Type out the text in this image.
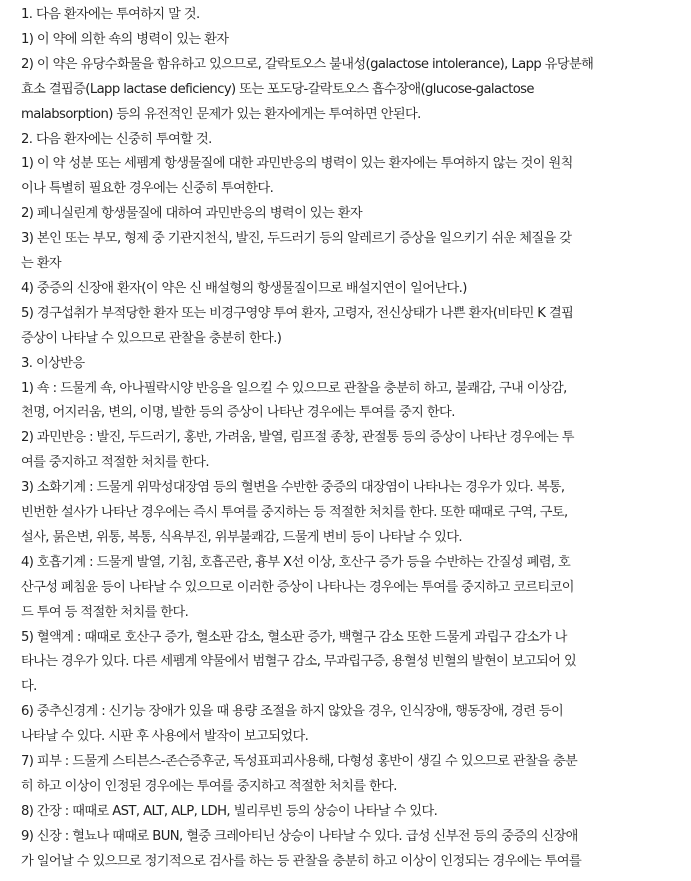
1. 다음 환자에는 투여하지 말 것.
1) 이 약에 의한 쇽의 병력이 있는 환자
2) 이 약은 유당수화물을 함유하고 있으므로, 갈락토오스 불내성(galactose intolerance), Lapp 유당분해
효소 결핍증(Lapp lactase deficiency) 또는 포도당-갈락토오스 흡수장애(glucose-galactose
malabsorption) 등의 유전적인 문제가 있는 환자에게는 투여하면 안된다.
2. 다음 환자에는 신중히 투여할 것.
1) 이 약 성분 또는 세펨계 항생물질에 대한 과민반응의 병력이 있는 환자에는 투여하지 않는 것이 원칙
이나 특별히 필요한 경우에는 신중히 투여한다.
2) 페니실린계 항생물질에 대하여 과민반응의 병력이 있는 환자
3) 본인 또는 부모, 형제 중 기관지천식, 발진, 두드러기 등의 알레르기 증상을 일으키기 쉬운 체질을 갖
는 환자
4) 중증의 신장애 환자(이 약은 신 배설형의 항생물질이므로 배설지연이 일어난다.)
5) 경구섭취가 부적당한 환자 또는 비경구영양 투여 환자, 고령자, 전신상태가 나쁜 환자(비타민 K 결핍
증상이 나타날 수 있으므로 관찰을 충분히 한다.)
3. 이상반응
1) 쇽 : 드물게 쇽, 아나필락시양 반응을 일으킬 수 있으므로 관찰을 충분히 하고, 불쾌감, 구내 이상감,
천명, 어지러움, 변의, 이명, 발한 등의 증상이 나타난 경우에는 투여를 중지 한다.
2) 과민반응 : 발진, 두드러기, 홍반, 가려움, 발열, 림프절 종창, 관절통 등의 증상이 나타난 경우에는 투
여를 중지하고 적절한 처치를 한다.
3) 소화기계 : 드물게 위막성대장염 등의 혈변을 수반한 중증의 대장염이 나타나는 경우가 있다. 복통,
빈번한 설사가 나타난 경우에는 즉시 투여를 중지하는 등 적절한 처치를 한다. 또한 때때로 구역, 구토,
설사, 묽은변, 위통, 복통, 식욕부진, 위부불쾌감, 드물게 변비 등이 나타날 수 있다.
4) 호흡기계 : 드물게 발열, 기침, 호흡곤란, 흉부 X선 이상, 호산구 증가 등을 수반하는 간질성 폐렴, 호
산구성 폐침윤 등이 나타날 수 있으므로 이러한 증상이 나타나는 경우에는 투여를 중지하고 코르티코이
드 투여 등 적절한 처치를 한다.
5) 혈액계 : 때때로 호산구 증가, 혈소판 감소, 혈소판 증가, 백혈구 감소 또한 드물게 과립구 감소가 나
타나는 경우가 있다. 다른 세펨계 약물에서 범혈구 감소, 무과립구증, 용혈성 빈혈의 발현이 보고되어 있
다.
6) 중추신경계 : 신기능 장애가 있을 때 용량 조절을 하지 않았을 경우, 인식장애, 행동장애, 경련 등이
나타날 수 있다. 시판 후 사용에서 발작이 보고되었다.
7) 피부 : 드물게 스티븐스-존슨증후군, 독성표피괴사용해, 다형성 홍반이 생길 수 있으므로 관찰을 충분
히 하고 이상이 인정된 경우에는 투여를 중지하고 적절한 처치를 한다.
8) 간장 : 때때로 AST, ALT, ALP, LDH, 빌리루빈 등의 상승이 나타날 수 있다.
9) 신장 : 혈뇨나 때때로 BUN, 혈중 크레아티닌 상승이 나타날 수 있다. 급성 신부전 등의 중증의 신장애
가 일어날 수 있으므로 정기적으로 검사를 하는 등 관찰을 충분히 하고 이상이 인정되는 경우에는 투여를
